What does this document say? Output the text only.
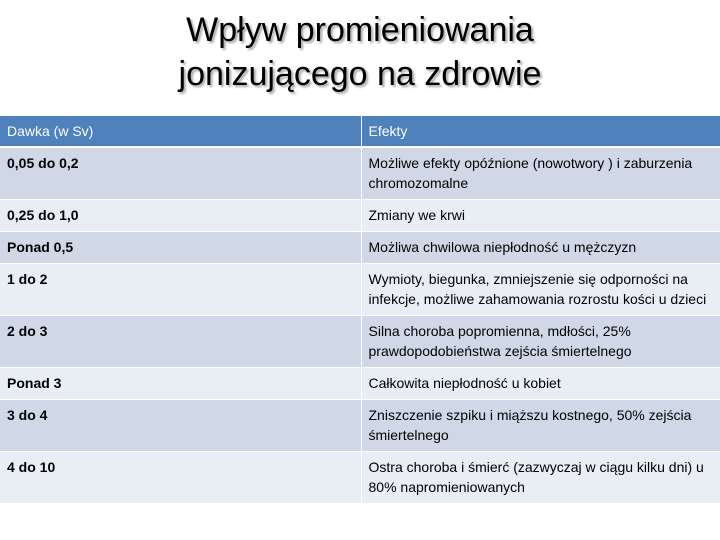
Wpływ promieniowania
jonizującego na zdrowie
Dawka (w Sv)	Efekty
0,05 do 0,2	Możliwe efekty opóźnione (nowotwory ) i zaburzenia chromozomalne
0,25 do 1,0	Zmiany we krwi
Ponad 0,5	Możliwa chwilowa niepłodność u mężczyzn
1 do 2	Wymioty, biegunka, zmniejszenie się odporności na infekcje, możliwe zahamowania rozrostu kości u dzieci
2 do 3	Silna choroba popromienna, mdłości, 25% prawdopodobieństwa zejścia śmiertelnego
Ponad 3	Całkowita niepłodność u kobiet
3 do 4	Zniszczenie szpiku i miąższu kostnego, 50% zejścia śmiertelnego
4 do 10	Ostra choroba i śmierć (zazwyczaj w ciągu kilku dni) u 80% napromieniowanych
